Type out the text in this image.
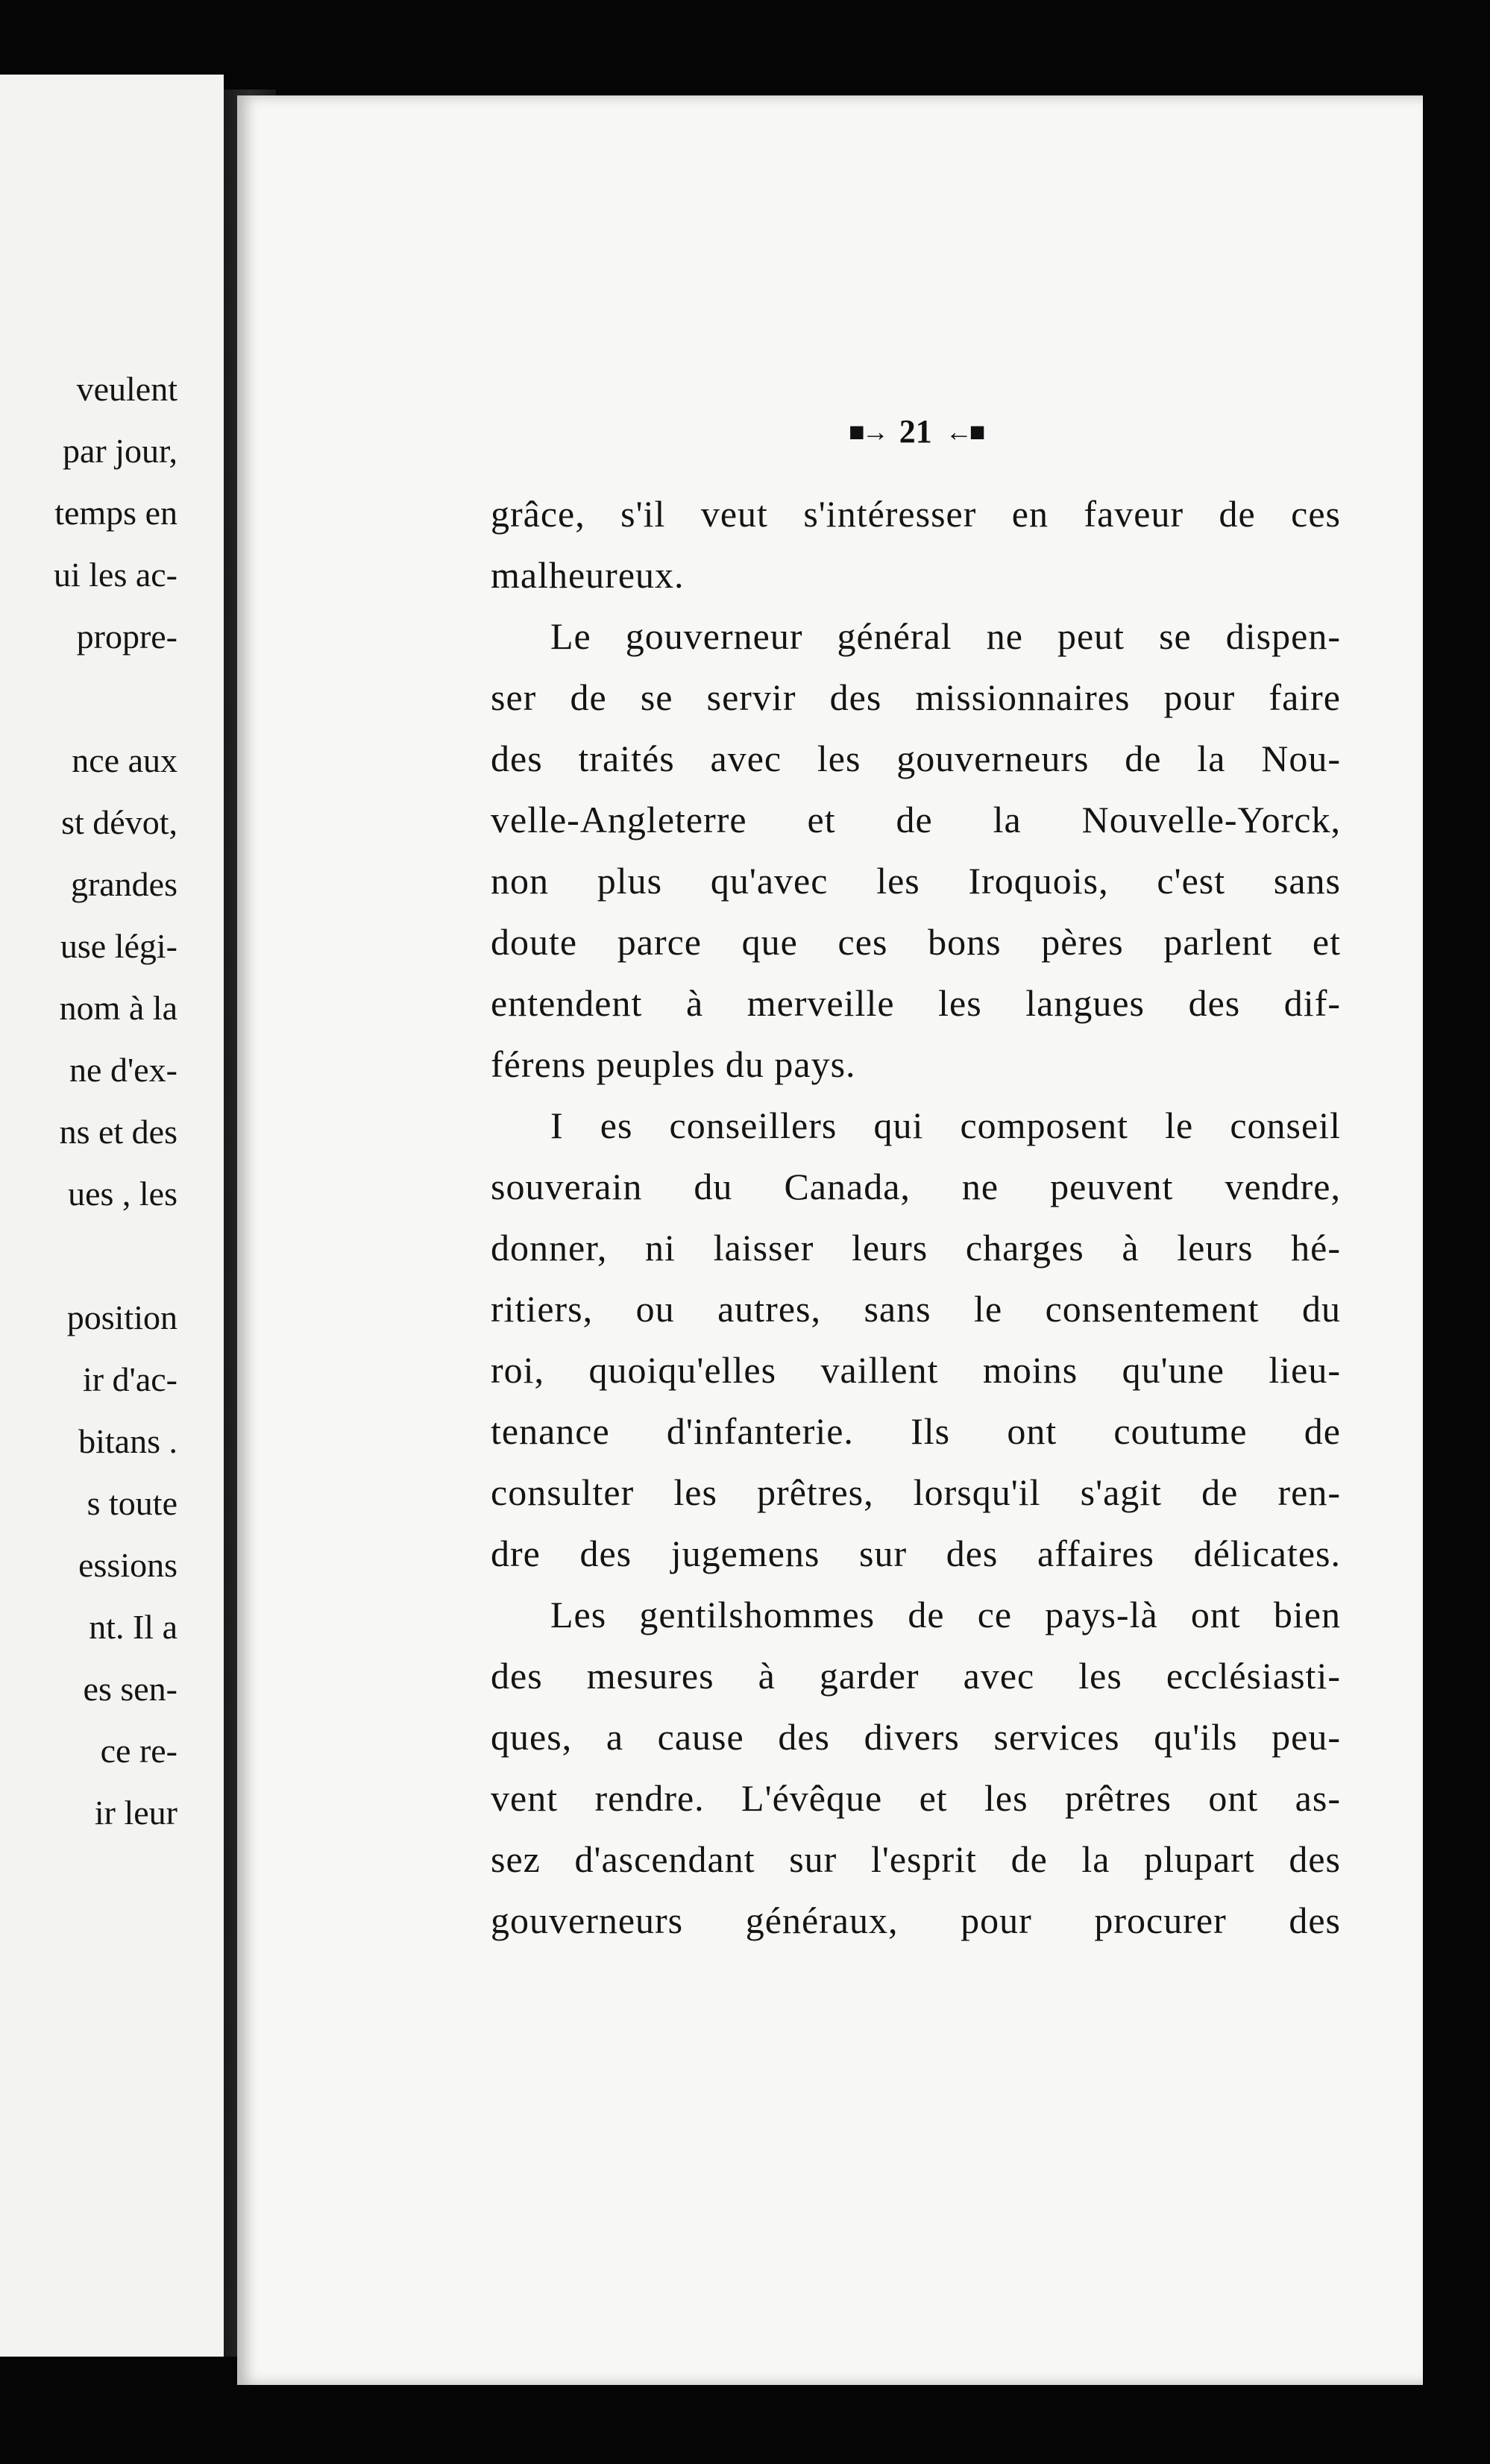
veulent

par jour,

temps en

ui les ac-

propre-

nce aux

st dévot,

grandes

use légi-

nom à la

ne d'ex-

ns et des

ues , les

position

ir d'ac-

bitans .

s toute

essions

nt. Il a

es sen-

ce re-

ir leur

■→ 21 ←■

grâce, s'il veut s'intéresser en faveur de ces

malheureux.

Le gouverneur général ne peut se dispen-

ser de se servir des missionnaires pour faire

des traités avec les gouverneurs de la Nou-

velle-Angleterre et de la Nouvelle-Yorck,

non plus qu'avec les Iroquois, c'est sans

doute parce que ces bons pères parlent et

entendent à merveille les langues des dif-

férens peuples du pays.

I es conseillers qui composent le conseil

souverain du Canada, ne peuvent vendre,

donner, ni laisser leurs charges à leurs hé-

ritiers, ou autres, sans le consentement du

roi, quoiqu'elles vaillent moins qu'une lieu-

tenance d'infanterie. Ils ont coutume de

consulter les prêtres, lorsqu'il s'agit de ren-

dre des jugemens sur des affaires délicates.

Les gentilshommes de ce pays-là ont bien

des mesures à garder avec les ecclésiasti-

ques, a cause des divers services qu'ils peu-

vent rendre. L'évêque et les prêtres ont as-

sez d'ascendant sur l'esprit de la plupart des

gouverneurs généraux, pour procurer des
